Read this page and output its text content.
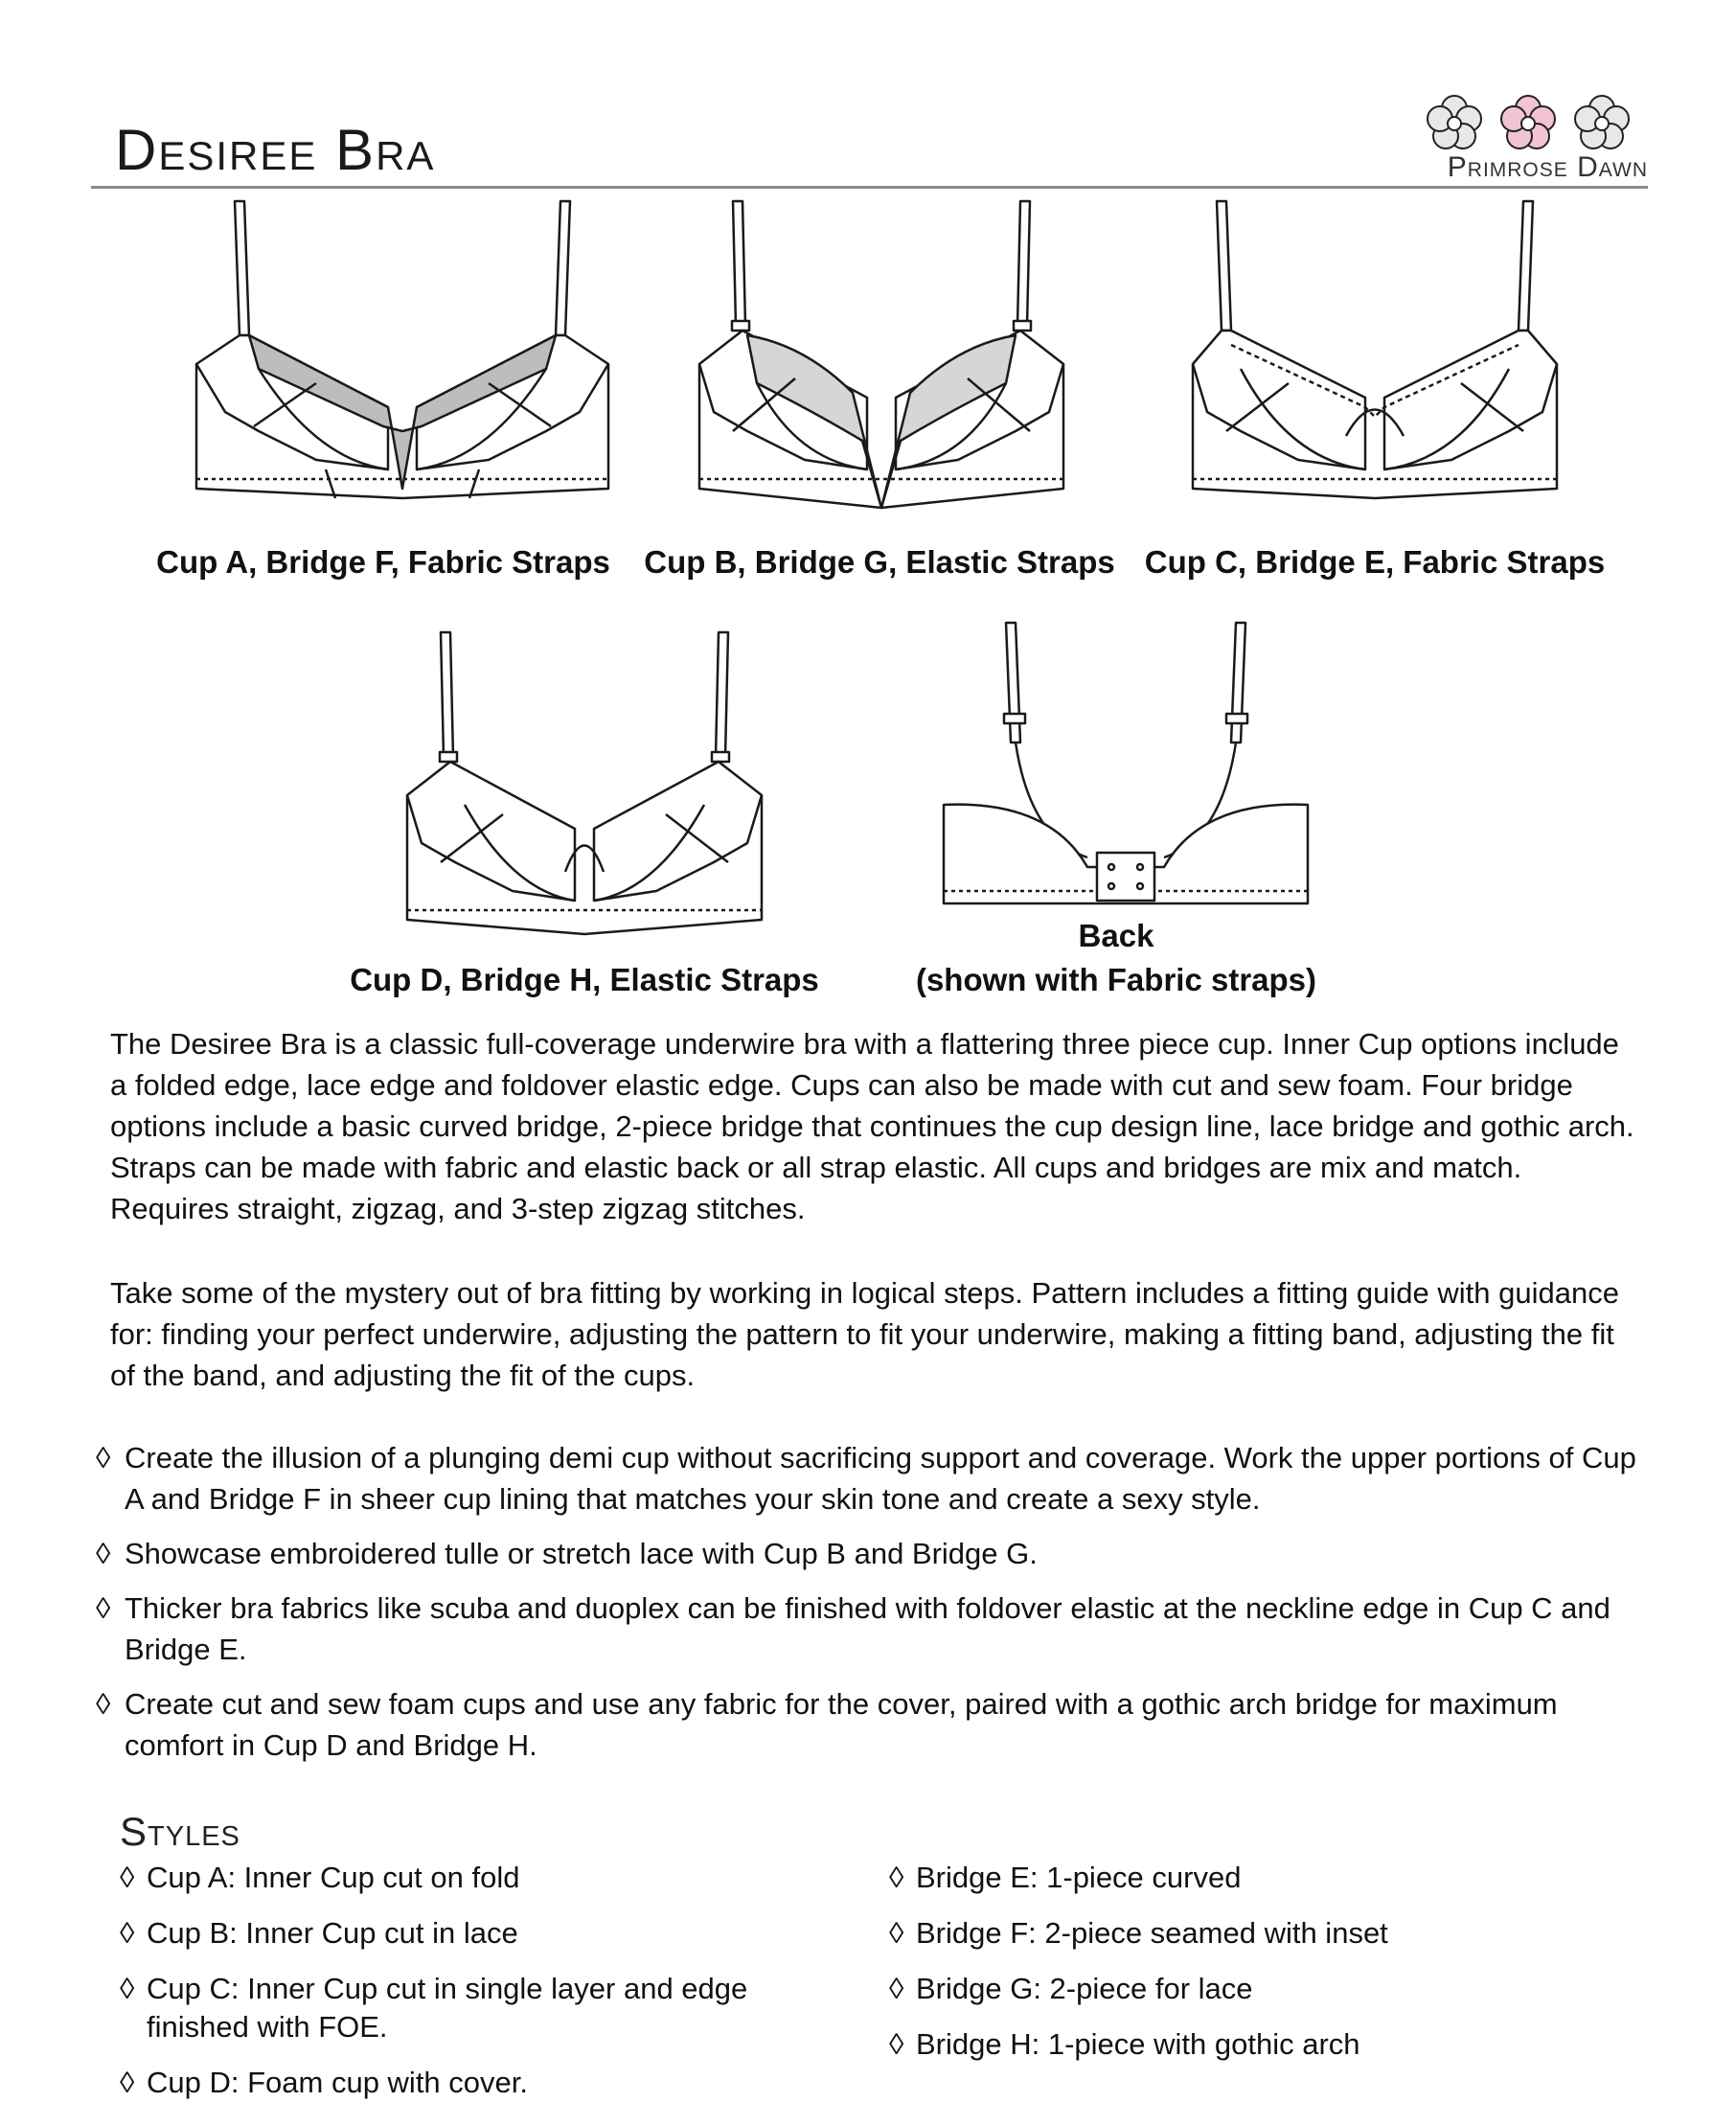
Desiree Bra	Primrose Dawn
Cup A, Bridge F, Fabric Straps Cup B, Bridge G, Elastic Straps Cup C, Bridge E, Fabric Straps
Cup D, Bridge H, Elastic Straps
Back
(shown with Fabric straps)

The Desiree Bra is a classic full-coverage underwire bra with a flattering three piece cup. Inner Cup options include a folded edge, lace edge and foldover elastic edge. Cups can also be made with cut and sew foam. Four bridge options include a basic curved bridge, 2-piece bridge that continues the cup design line, lace bridge and gothic arch. Straps can be made with fabric and elastic back or all strap elastic. All cups and bridges are mix and match. Requires straight, zigzag, and 3-step zigzag stitches.

Take some of the mystery out of bra fitting by working in logical steps. Pattern includes a fitting guide with guidance for: finding your perfect underwire, adjusting the pattern to fit your underwire, making a fitting band, adjusting the fit of the band, and adjusting the fit of the cups.

◊ Create the illusion of a plunging demi cup without sacrificing support and coverage. Work the upper portions of Cup A and Bridge F in sheer cup lining that matches your skin tone and create a sexy style.
◊ Showcase embroidered tulle or stretch lace with Cup B and Bridge G.
◊ Thicker bra fabrics like scuba and duoplex can be finished with foldover elastic at the neckline edge in Cup C and Bridge E.
◊ Create cut and sew foam cups and use any fabric for the cover, paired with a gothic arch bridge for maximum comfort in Cup D and Bridge H.
Styles
◊ Cup A: Inner Cup cut on fold
◊ Cup B: Inner Cup cut in lace
◊ Cup C: Inner Cup cut in single layer and edge finished with FOE.
◊ Cup D: Foam cup with cover.
◊ Bridge E: 1-piece curved
◊ Bridge F: 2-piece seamed with inset
◊ Bridge G: 2-piece for lace
◊ Bridge H: 1-piece with gothic arch
